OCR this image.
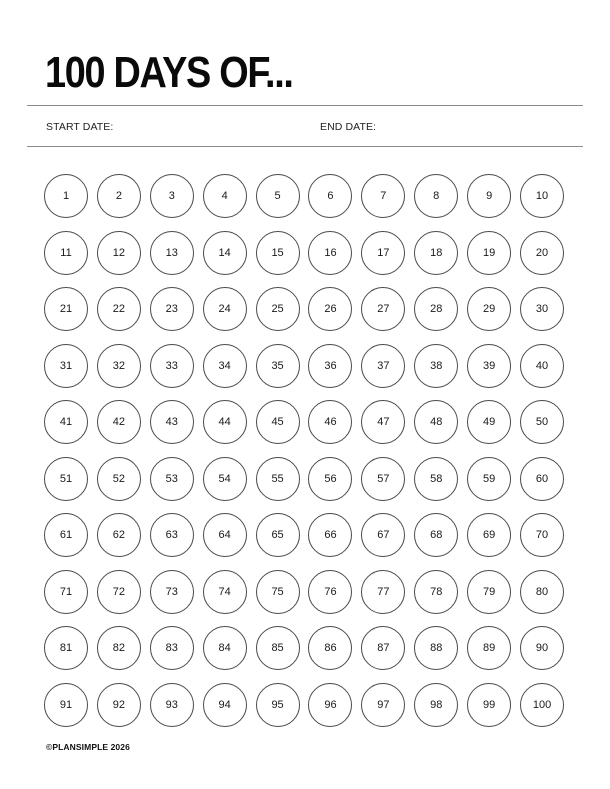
100 DAYS OF...
START DATE:	END DATE:
1	2	3	4	5	6	7	8	9	10
11	12	13	14	15	16	17	18	19	20
21	22	23	24	25	26	27	28	29	30
31	32	33	34	35	36	37	38	39	40
41	42	43	44	45	46	47	48	49	50
51	52	53	54	55	56	57	58	59	60
61	62	63	64	65	66	67	68	69	70
71	72	73	74	75	76	77	78	79	80
81	82	83	84	85	86	87	88	89	90
91	92	93	94	95	96	97	98	99	100
©PLANSIMPLE 2026
